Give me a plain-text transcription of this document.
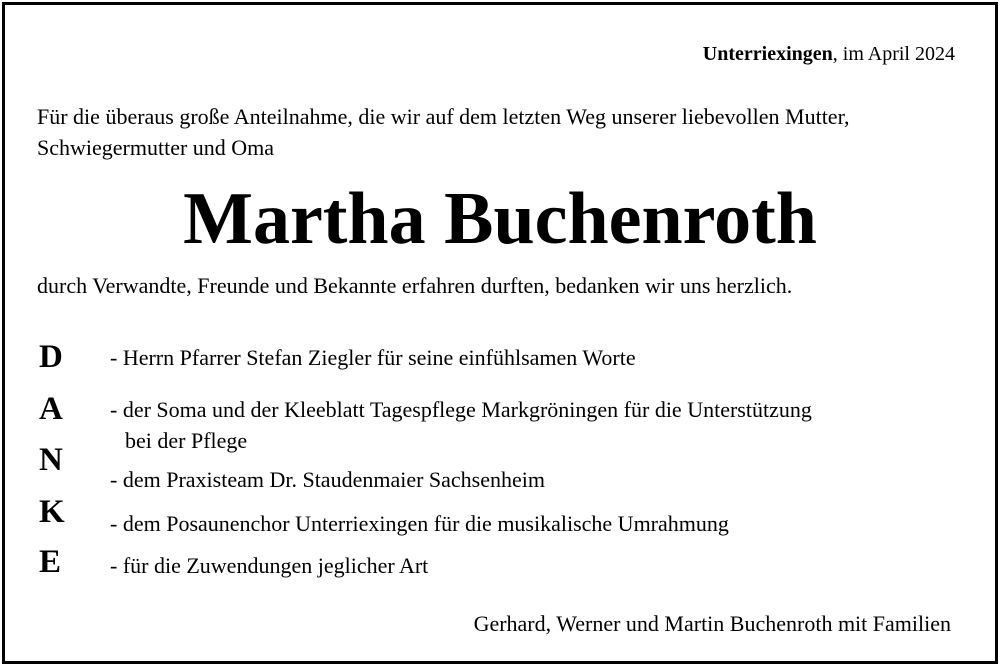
Unterriexingen, im April 2024
Für die überaus große Anteilnahme, die wir auf dem letzten Weg unserer liebevollen Mutter, Schwiegermutter und Oma
Martha Buchenroth
durch Verwandte, Freunde und Bekannte erfahren durften, bedanken wir uns herzlich.
D
A
N
K
E
- Herrn Pfarrer Stefan Ziegler für seine einfühlsamen Worte
- der Soma und der Kleeblatt Tagespflege Markgröningen für die Unterstützung
bei der Pflege
- dem Praxisteam Dr. Staudenmaier Sachsenheim
- dem Posaunenchor Unterriexingen für die musikalische Umrahmung
- für die Zuwendungen jeglicher Art
Gerhard, Werner und Martin Buchenroth mit Familien
